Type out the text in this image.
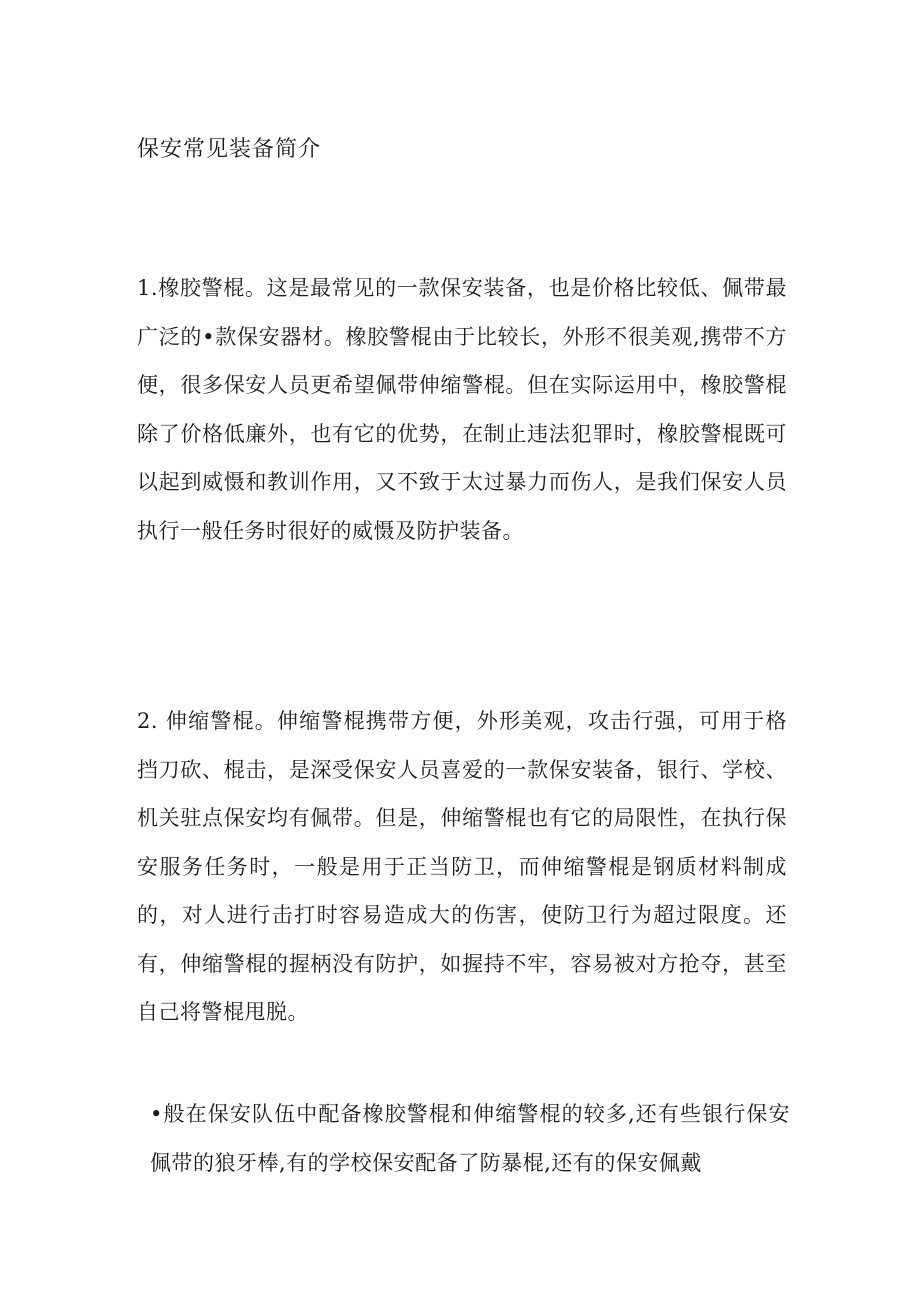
保安常见装备简介

1.橡胶警棍。这是最常见的一款保安装备，也是价格比较低、佩带最广泛的•款保安器材。橡胶警棍由于比较长，外形不很美观,携带不方便，很多保安人员更希望佩带伸缩警棍。但在实际运用中，橡胶警棍除了价格低廉外，也有它的优势，在制止违法犯罪时，橡胶警棍既可以起到威慑和教训作用，又不致于太过暴力而伤人，是我们保安人员执行一般任务时很好的威慑及防护装备。

2. 伸缩警棍。伸缩警棍携带方便，外形美观，攻击行强，可用于格挡刀砍、棍击，是深受保安人员喜爱的一款保安装备，银行、学校、机关驻点保安均有佩带。但是，伸缩警棍也有它的局限性，在执行保安服务任务时，一般是用于正当防卫，而伸缩警棍是钢质材料制成的，对人进行击打时容易造成大的伤害，使防卫行为超过限度。还有，伸缩警棍的握柄没有防护，如握持不牢，容易被对方抢夺，甚至自己将警棍甩脱。

•般在保安队伍中配备橡胶警棍和伸缩警棍的较多,还有些银行保安佩带的狼牙棒,有的学校保安配备了防暴棍,还有的保安佩戴
